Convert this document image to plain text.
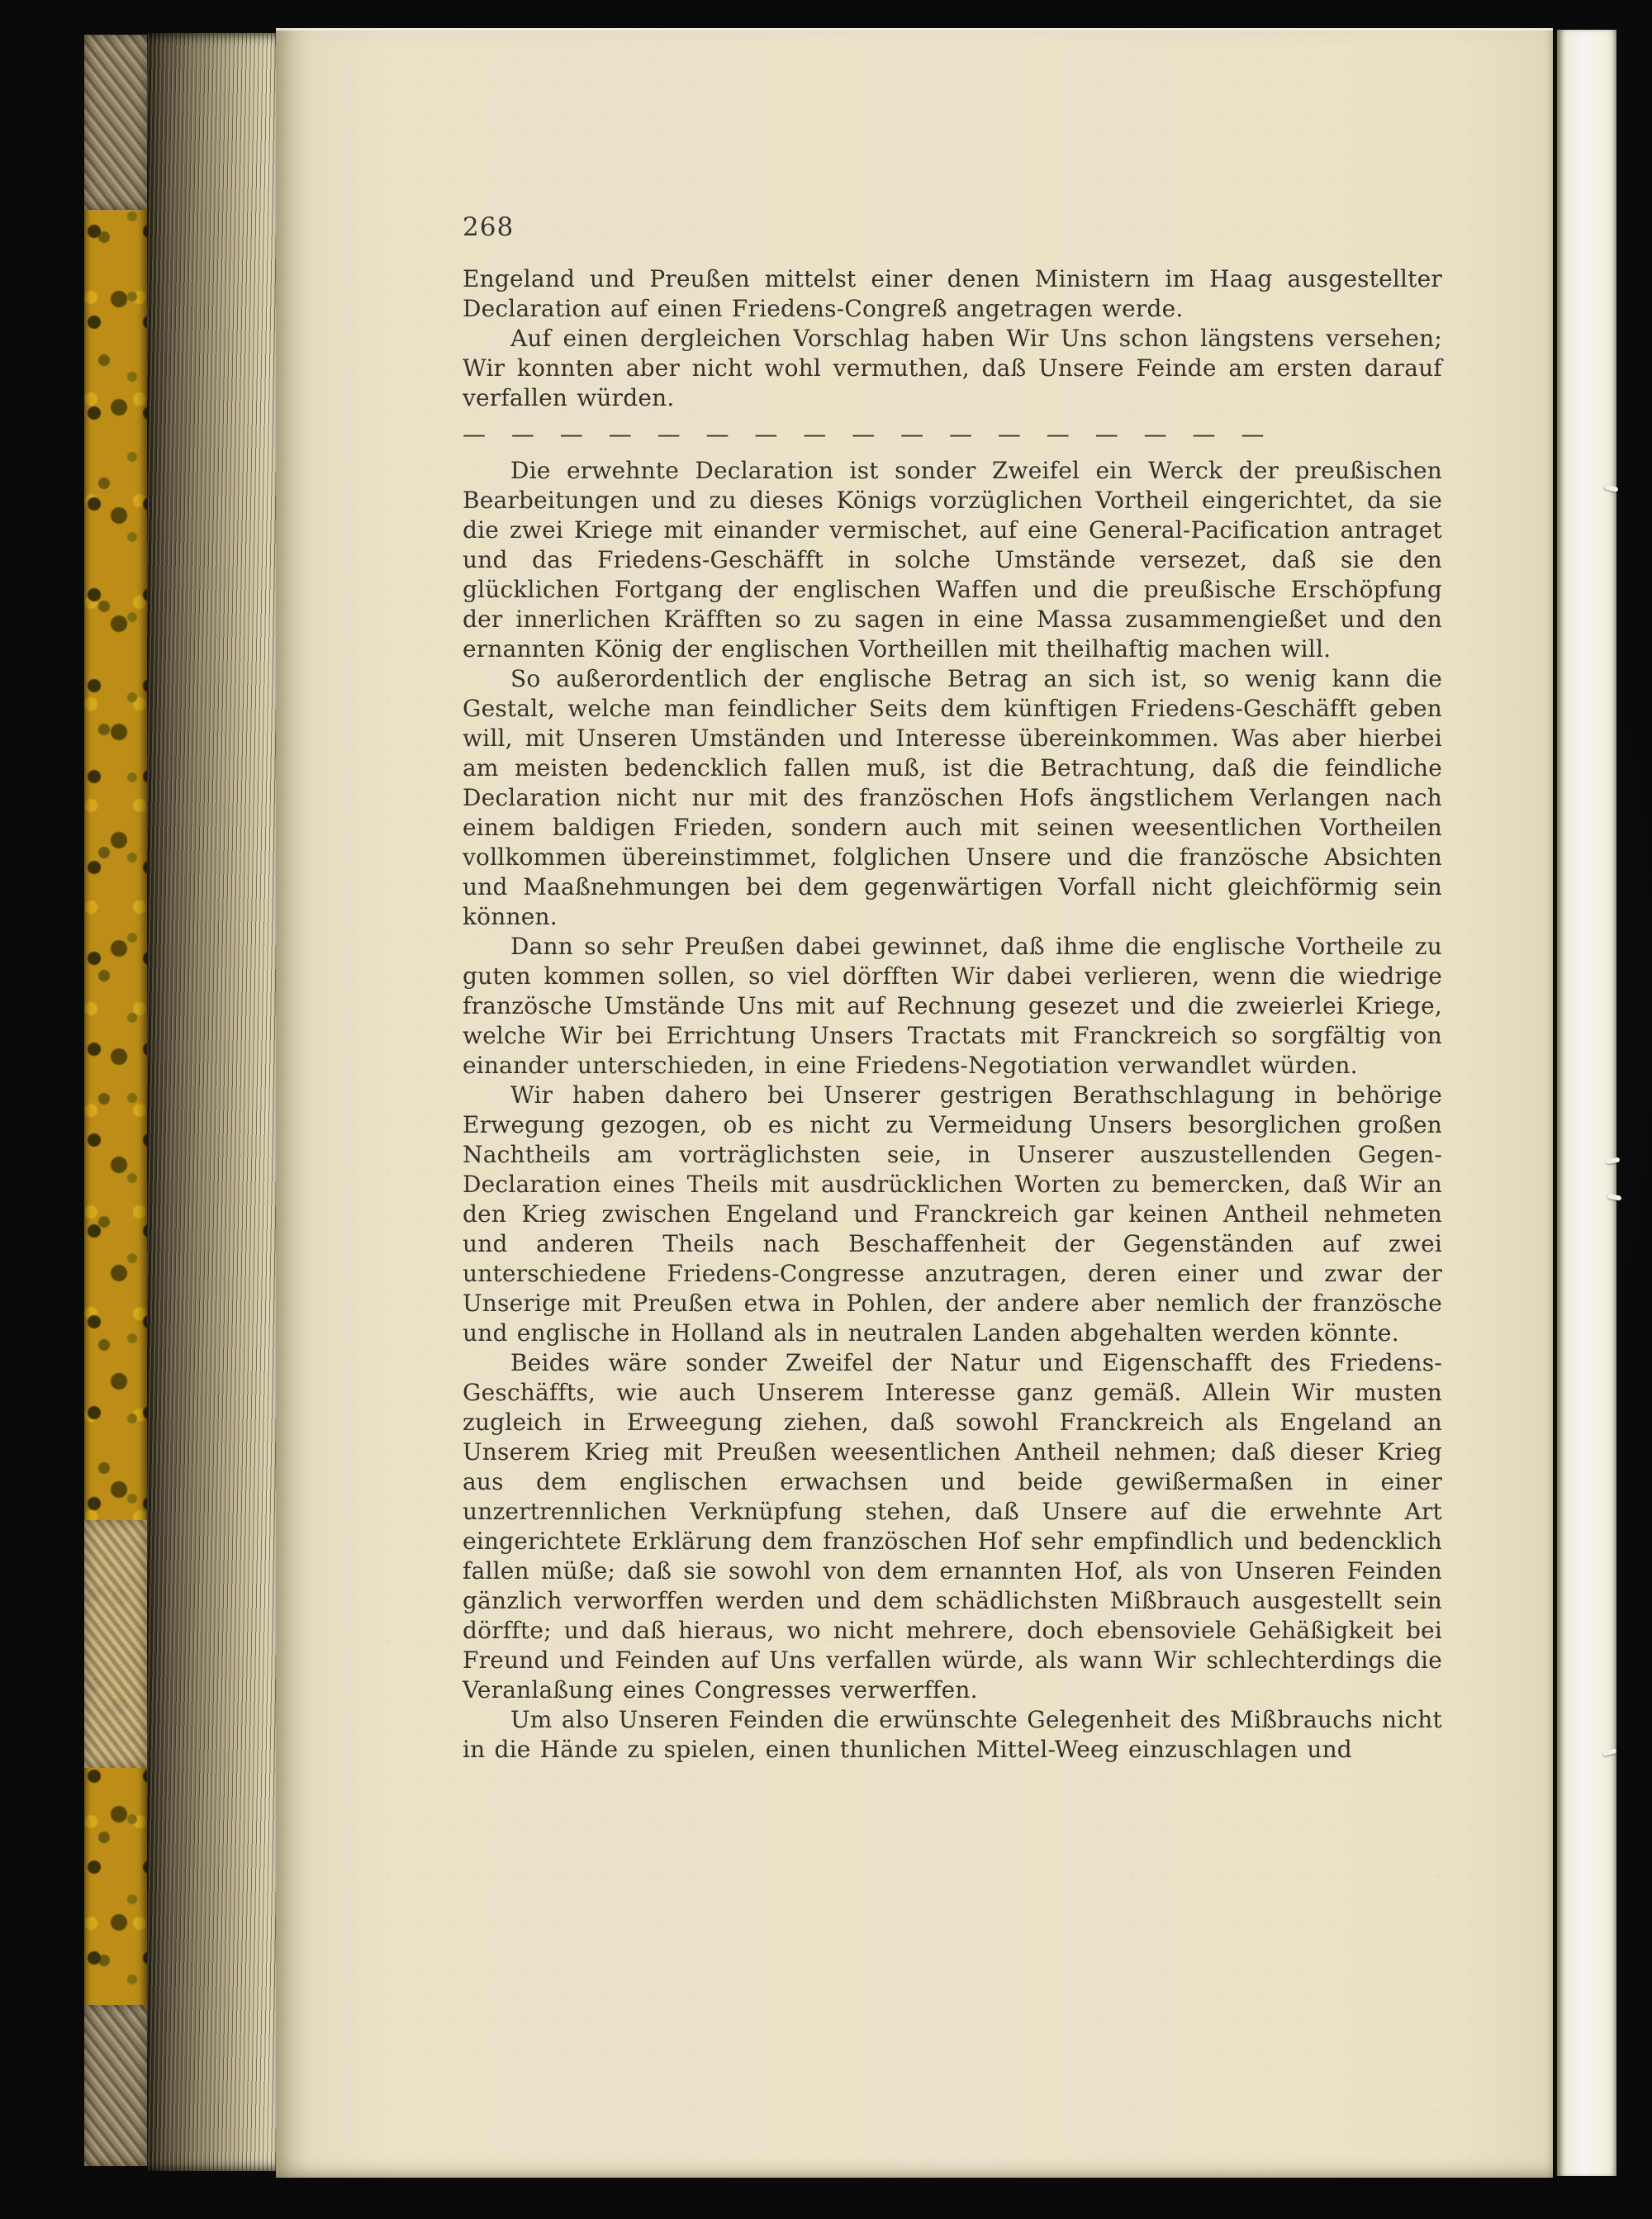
268

Engeland und Preußen mittelst einer denen Ministern im Haag ausgestellter Declaration auf einen Friedens-Congreß angetragen werde.

Auf einen dergleichen Vorschlag haben Wir Uns schon längstens versehen; Wir konnten aber nicht wohl vermuthen, daß Unsere Feinde am ersten darauf verfallen würden.

— — — — — — — — — — — — — — — — —

Die erwehnte Declaration ist sonder Zweifel ein Werck der preußischen Bearbeitungen und zu dieses Königs vorzüglichen Vortheil eingerichtet, da sie die zwei Kriege mit einander vermischet, auf eine General-Pacification antraget und das Friedens-Geschäfft in solche Umstände versezet, daß sie den glücklichen Fortgang der englischen Waffen und die preußische Erschöpfung der innerlichen Kräfften so zu sagen in eine Massa zusammengießet und den ernannten König der englischen Vortheillen mit theilhaftig machen will.

So außerordentlich der englische Betrag an sich ist, so wenig kann die Gestalt, welche man feindlicher Seits dem künftigen Friedens-Geschäfft geben will, mit Unseren Umständen und Interesse übereinkommen. Was aber hierbei am meisten bedencklich fallen muß, ist die Betrachtung, daß die feindliche Declaration nicht nur mit des französchen Hofs ängstlichem Verlangen nach einem baldigen Frieden, sondern auch mit seinen weesentlichen Vortheilen vollkommen übereinstimmet, folglichen Unsere und die französche Absichten und Maaßnehmungen bei dem gegenwärtigen Vorfall nicht gleichförmig sein können.

Dann so sehr Preußen dabei gewinnet, daß ihme die englische Vortheile zu guten kommen sollen, so viel dörfften Wir dabei verlieren, wenn die wiedrige französche Umstände Uns mit auf Rechnung gesezet und die zweierlei Kriege, welche Wir bei Errichtung Unsers Tractats mit Franckreich so sorgfältig von einander unterschieden, in eine Friedens-Negotiation verwandlet würden.

Wir haben dahero bei Unserer gestrigen Berathschlagung in behörige Erwegung gezogen, ob es nicht zu Vermeidung Unsers besorglichen großen Nachtheils am vorträglichsten seie, in Unserer auszustellenden Gegen-Declaration eines Theils mit ausdrücklichen Worten zu bemercken, daß Wir an den Krieg zwischen Engeland und Franckreich gar keinen Antheil nehmeten und anderen Theils nach Beschaffenheit der Gegenständen auf zwei unterschiedene Friedens-Congresse anzutragen, deren einer und zwar der Unserige mit Preußen etwa in Pohlen, der andere aber nemlich der französche und englische in Holland als in neutralen Landen abgehalten werden könnte.

Beides wäre sonder Zweifel der Natur und Eigenschafft des Friedens-Geschäffts, wie auch Unserem Interesse ganz gemäß. Allein Wir musten zugleich in Erweegung ziehen, daß sowohl Franckreich als Engeland an Unserem Krieg mit Preußen weesentlichen Antheil nehmen; daß dieser Krieg aus dem englischen erwachsen und beide gewißermaßen in einer unzertrennlichen Verknüpfung stehen, daß Unsere auf die erwehnte Art eingerichtete Erklärung dem französchen Hof sehr empfindlich und bedencklich fallen müße; daß sie sowohl von dem ernannten Hof, als von Unseren Feinden gänzlich verworffen werden und dem schädlichsten Mißbrauch ausgestellt sein dörffte; und daß hieraus, wo nicht mehrere, doch ebensoviele Gehäßigkeit bei Freund und Feinden auf Uns verfallen würde, als wann Wir schlechterdings die Veranlaßung eines Congresses verwerffen.

Um also Unseren Feinden die erwünschte Gelegenheit des Mißbrauchs nicht in die Hände zu spielen, einen thunlichen Mittel-Weeg einzuschlagen und
